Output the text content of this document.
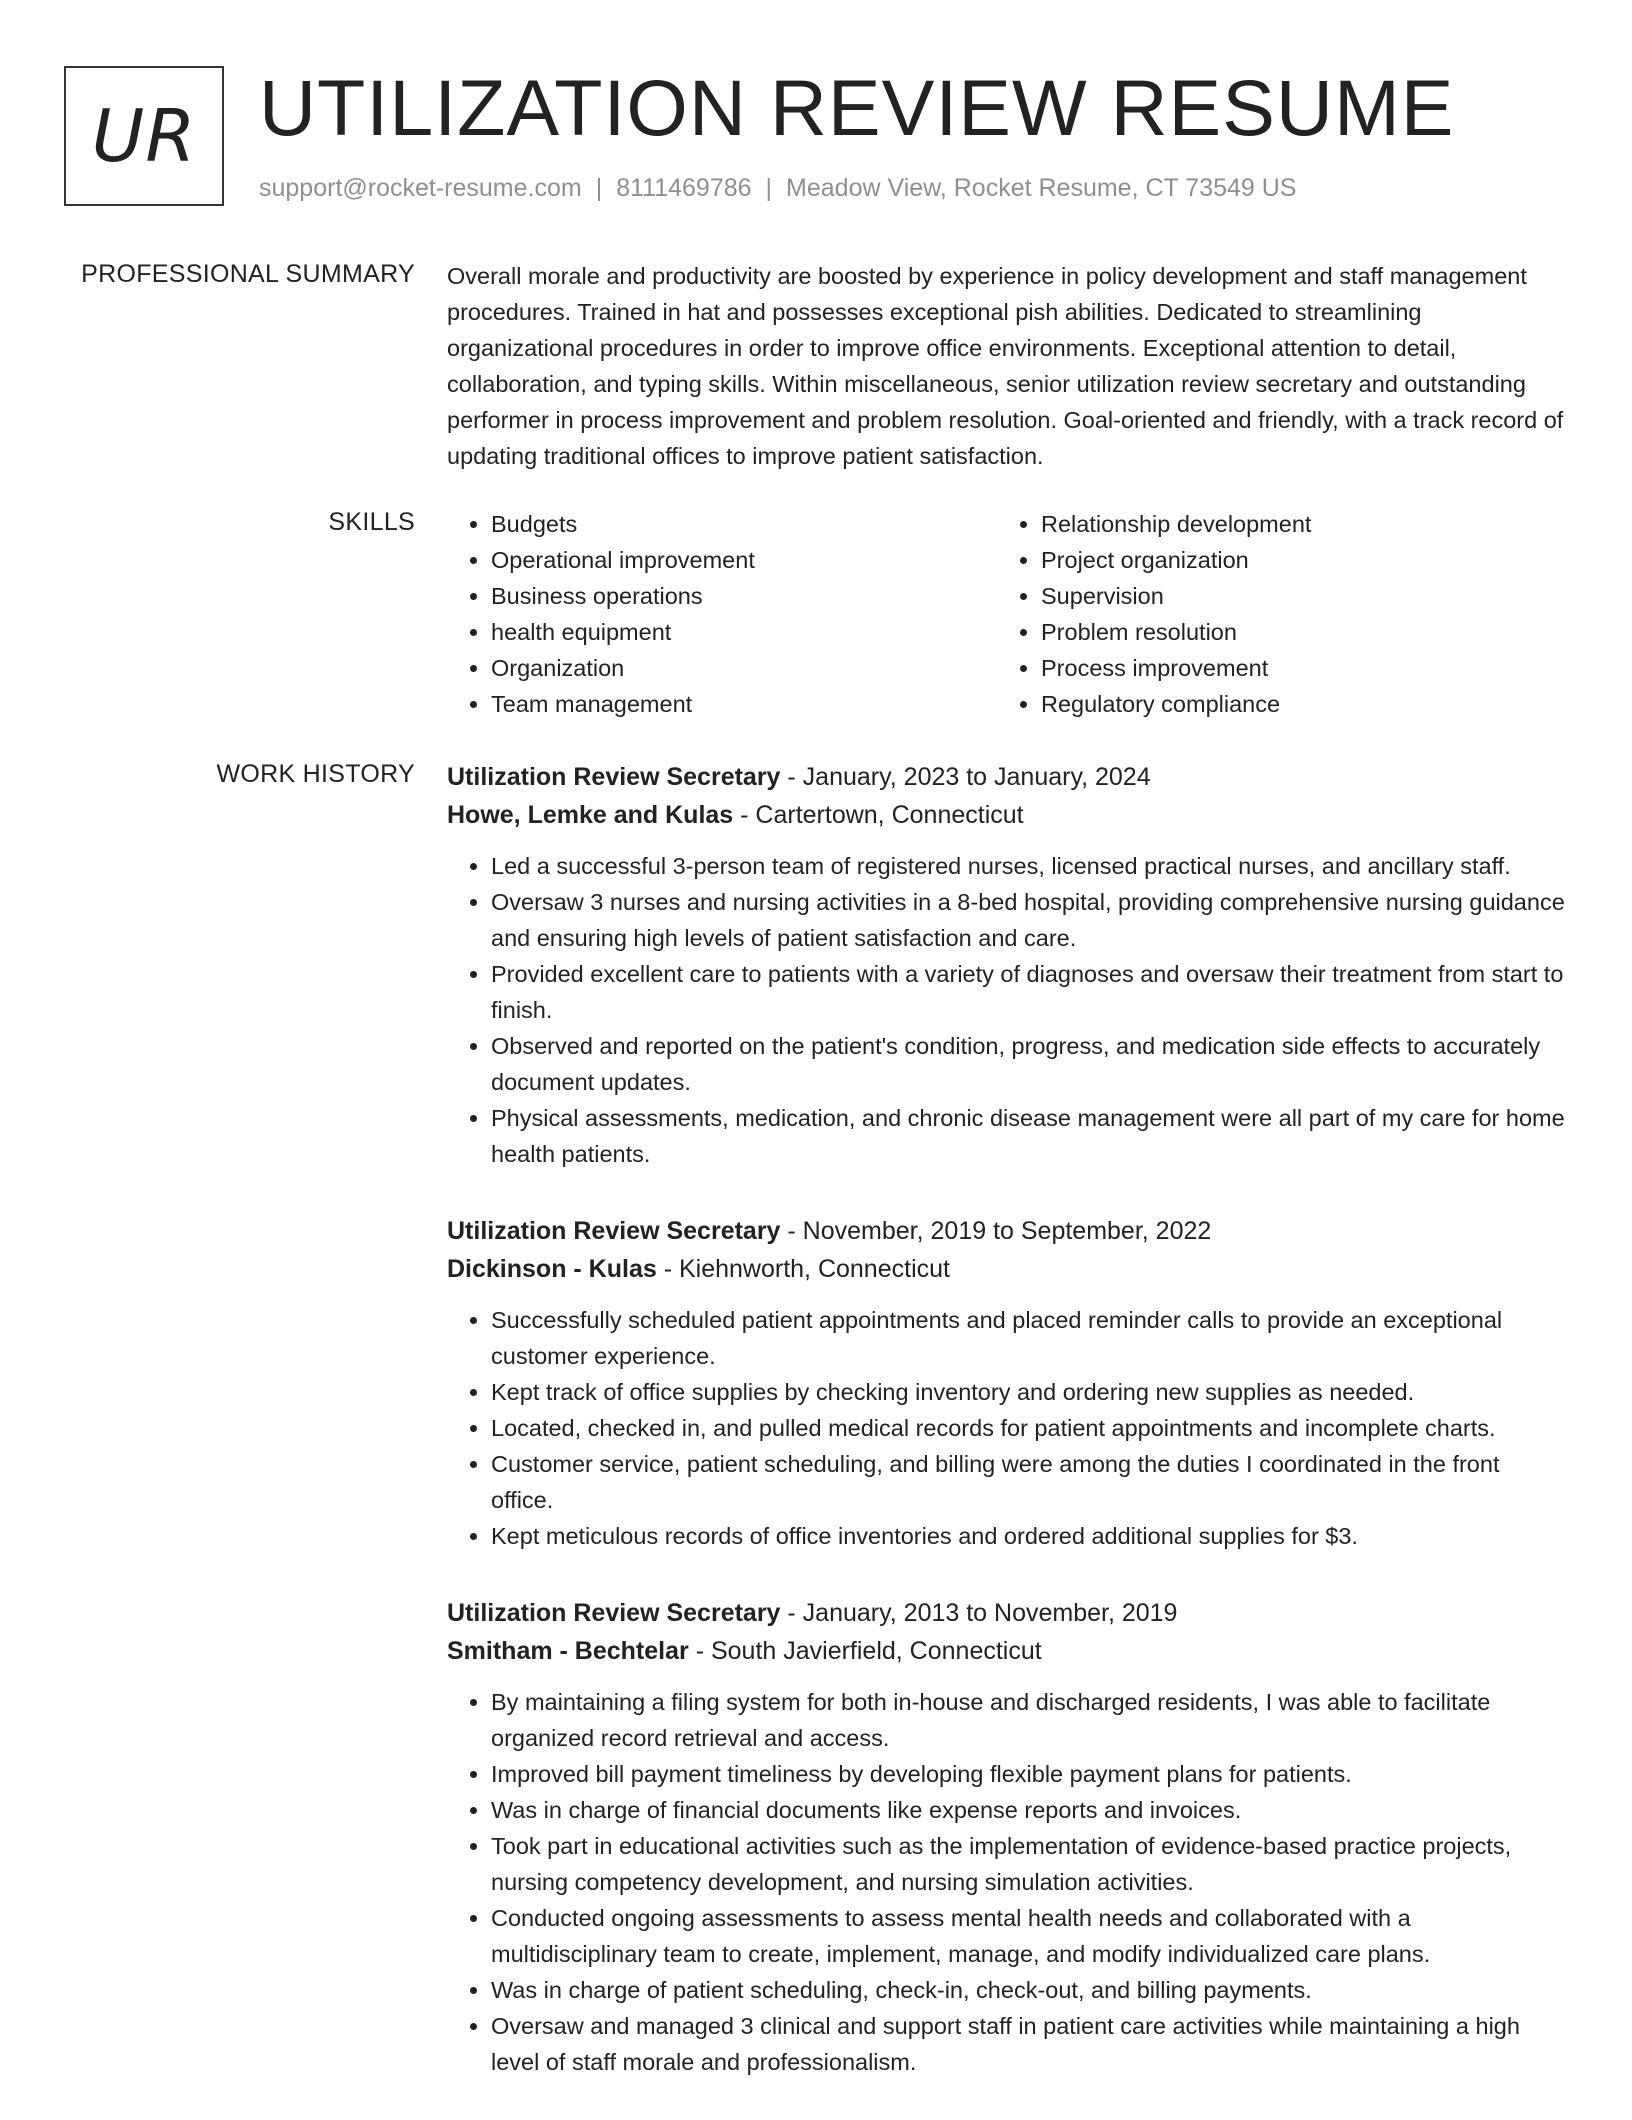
UR UTILIZATION REVIEW RESUME
support@rocket-resume.com | 8111469786 | Meadow View, Rocket Resume, CT 73549 US
PROFESSIONAL SUMMARY Overall morale and productivity are boosted by experience in policy development and staff management procedures. Trained in hat and possesses exceptional pish abilities. Dedicated to streamlining organizational procedures in order to improve office environments. Exceptional attention to detail, collaboration, and typing skills. Within miscellaneous, senior utilization review secretary and outstanding performer in process improvement and problem resolution. Goal-oriented and friendly, with a track record of updating traditional offices to improve patient satisfaction.
SKILLS
•	Budgets
• Operational improvement
• Business operations
• health equipment
• Organization
• Team management
• Relationship development
• Project organization
• Supervision
• Problem resolution
• Process improvement
• Regulatory compliance
WORK HISTORY Utilization Review Secretary - January, 2023 to January, 2024
Howe, Lemke and Kulas - Cartertown, Connecticut
• Led a successful 3-person team of registered nurses, licensed practical nurses, and ancillary staff.
• Oversaw 3 nurses and nursing activities in a 8-bed hospital, providing comprehensive nursing guidance and ensuring high levels of patient satisfaction and care.
• Provided excellent care to patients with a variety of diagnoses and oversaw their treatment from start to finish.
• Observed and reported on the patient's condition, progress, and medication side effects to accurately document updates.
• Physical assessments, medication, and chronic disease management were all part of my care for home health patients.
Utilization Review Secretary - November, 2019 to September, 2022
Dickinson - Kulas - Kiehnworth, Connecticut
• Successfully scheduled patient appointments and placed reminder calls to provide an exceptional customer experience.
• Kept track of office supplies by checking inventory and ordering new supplies as needed.
• Located, checked in, and pulled medical records for patient appointments and incomplete charts.
• Customer service, patient scheduling, and billing were among the duties I coordinated in the front office.
• Kept meticulous records of office inventories and ordered additional supplies for $3.
Utilization Review Secretary - January, 2013 to November, 2019
Smitham - Bechtelar - South Javierfield, Connecticut
• By maintaining a filing system for both in-house and discharged residents, I was able to facilitate organized record retrieval and access.
• Improved bill payment timeliness by developing flexible payment plans for patients.
• Was in charge of financial documents like expense reports and invoices.
• Took part in educational activities such as the implementation of evidence-based practice projects, nursing competency development, and nursing simulation activities.
• Conducted ongoing assessments to assess mental health needs and collaborated with a multidisciplinary team to create, implement, manage, and modify individualized care plans.
• Was in charge of patient scheduling, check-in, check-out, and billing payments.
• Oversaw and managed 3 clinical and support staff in patient care activities while maintaining a high level of staff morale and professionalism.
